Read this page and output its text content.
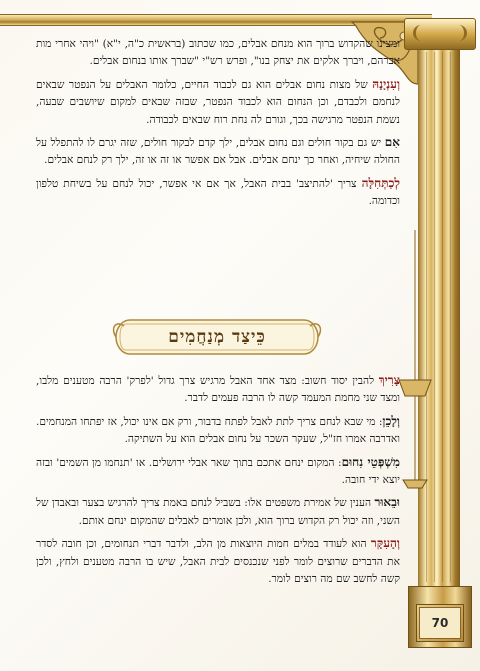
70

ומצינו שהקדוש ברוך הוא מנחם אבלים, כמו שכתוב (בראשית כ"ה, י"א) "ויהי אחרי מות אברהם, ויברך אלקים את יצחק בנו", ופרש רש"י "שברך אותו בנחום אבלים.

וְעִנְיָנָהּ של מצות נחום אבלים הוא גם לכבוד החיים, כלומר האבלים על הנפטר שבאים לנחמם ולכבדם, וכן הנחום הוא לכבוד הנפטר, שבזה שבאים למקום שיושבים שבעה, נשמת הנפטר מרגישה בכך, וגורם לה נחת רוח שבאים לכבודה.

אִם יש גם בקור חולים וגם נחום אבלים, ילך קדם לבקור חולים, שזה יגרם לו להתפלל על החולה שיחיה, ואחר כך ינחם אבלים. אבל אם אפשר או זה או זה, ילך רק לנחם אבלים.

לְכַתְּחִלָּה צריך 'להתיצב' בבית האבל, אך אם אי אפשר, יכול לנחם על בשיחת טלפון וכדומה.

כֵּיצַד מְנַחֲמִים

צָרִיךְ להבין יסוד חשוב: מצד אחד האבל מרגיש צרך גדול 'לפרק' הרבה מטענים מלבו, ומצד שני מחמת המעמד קשה לו הרבה פעמים לדבר.

וְלָכֵן: מי שבא לנחם צריך לתת לאבל לפתח בדבור, ורק אם אינו יכול, אז יפתחו המנחמים. ואדרבה אמרו חז"ל, שעקר השכר על נחום אבלים הוא על השתיקה.

מִשְׁפְּטֵי נִחוּם: המקום ינחם אתכם בתוך שאר אבלי ירושלים. או 'תנחמו מן השמים' ובזה יוצא ידי חובה.

וּבֵאוּר הענין של אמירת משפטים אלו: בשביל לנחם באמת צריך להרגיש בצער ובאבדן של השני, וזה יכול רק הקדוש ברוך הוא, ולכן אומרים לאבלים שהמקום ינחם אותם.

וְהָעִקָּר הוא לעודד במלים חמות היוצאות מן הלב, ולדבר דברי תנחומים, וכן חובה לסדר את הדברים שרוצים לומר לפני שנכנסים לבית האבל, שיש בו הרבה מטענים ולחץ, ולכן קשה לחשב שם מה רוצים לומר.
